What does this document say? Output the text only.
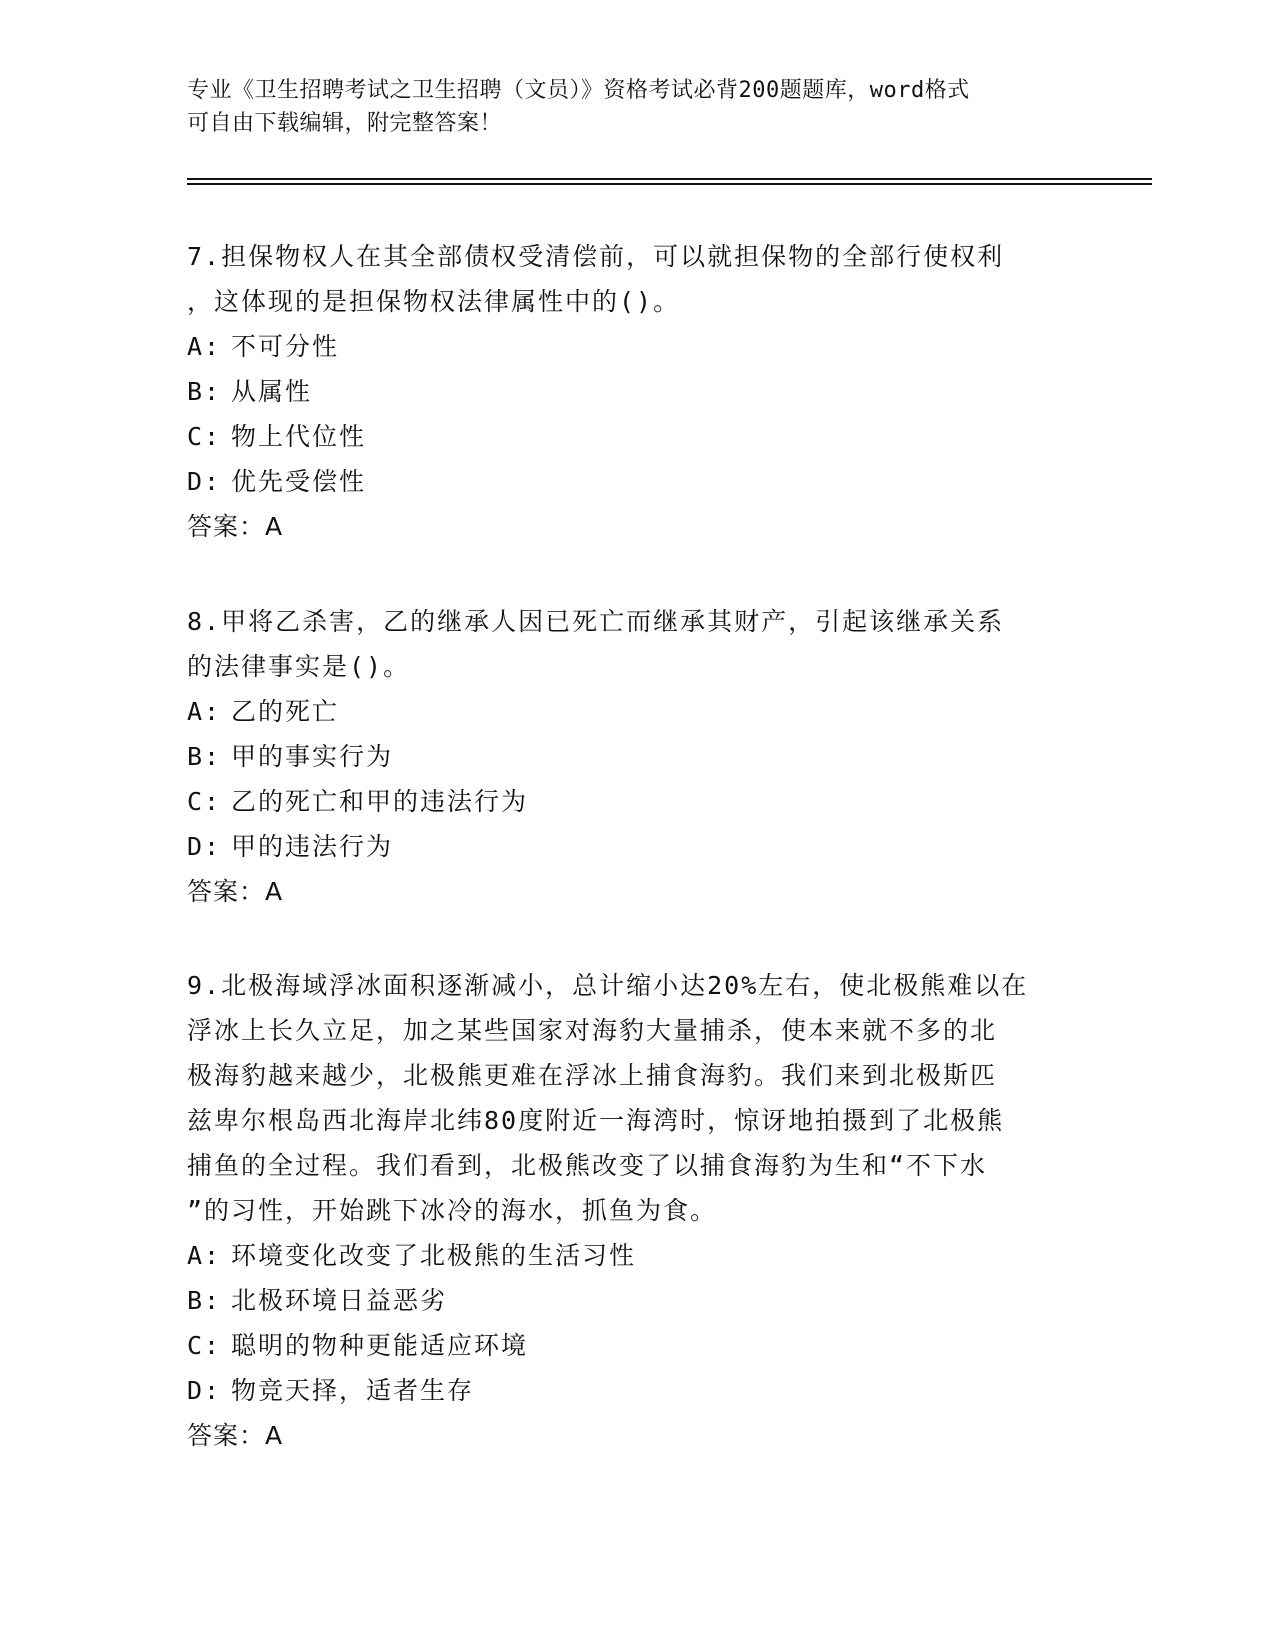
专业《卫生招聘考试之卫生招聘（文员）》资格考试必背200题题库，word格式
可自由下载编辑，附完整答案！

7.担保物权人在其全部债权受清偿前，可以就担保物的全部行使权利

，这体现的是担保物权法律属性中的()。

A: 不可分性

B: 从属性

C: 物上代位性

D: 优先受偿性

答案：A

8.甲将乙杀害，乙的继承人因已死亡而继承其财产，引起该继承关系

的法律事实是()。

A: 乙的死亡

B: 甲的事实行为

C: 乙的死亡和甲的违法行为

D: 甲的违法行为

答案：A

9.北极海域浮冰面积逐渐减小，总计缩小达20%左右，使北极熊难以在

浮冰上长久立足，加之某些国家对海豹大量捕杀，使本来就不多的北

极海豹越来越少，北极熊更难在浮冰上捕食海豹。我们来到北极斯匹

兹卑尔根岛西北海岸北纬80度附近一海湾时，惊讶地拍摄到了北极熊

捕鱼的全过程。我们看到，北极熊改变了以捕食海豹为生和“不下水

”的习性，开始跳下冰冷的海水，抓鱼为食。

A: 环境变化改变了北极熊的生活习性

B: 北极环境日益恶劣

C: 聪明的物种更能适应环境

D: 物竞天择，适者生存

答案：A
